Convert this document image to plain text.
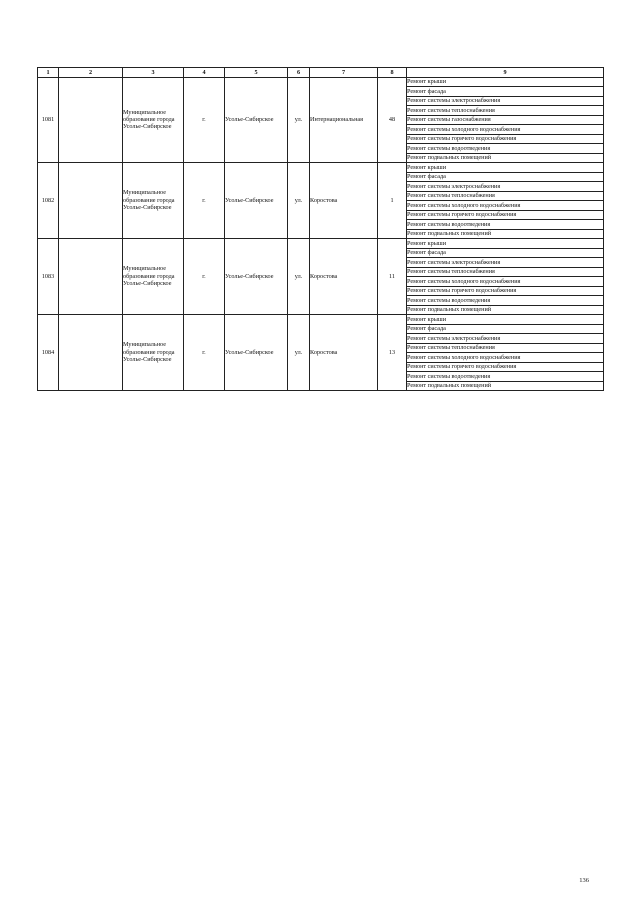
1	2	3	4	5	6	7	8	9
1081		Муниципальное образование города Усолье-Сибирское	г.	Усолье-Сибирское	ул.	Интернациональная	48	Ремонт крыши
								Ремонт фасада
								Ремонт системы электроснабжения
								Ремонт системы теплоснабжения
								Ремонт системы газоснабжения
								Ремонт системы холодного водоснабжения
								Ремонт системы горячего водоснабжения
								Ремонт системы водоотведения
								Ремонт подвальных помещений
1082		Муниципальное образование города Усолье-Сибирское	г.	Усолье-Сибирское	ул.	Коростова	1	Ремонт крыши
								Ремонт фасада
								Ремонт системы электроснабжения
								Ремонт системы теплоснабжения
								Ремонт системы холодного водоснабжения
								Ремонт системы горячего водоснабжения
								Ремонт системы водоотведения
								Ремонт подвальных помещений
1083		Муниципальное образование города Усолье-Сибирское	г.	Усолье-Сибирское	ул.	Коростова	11	Ремонт крыши
								Ремонт фасада
								Ремонт системы электроснабжения
								Ремонт системы теплоснабжения
								Ремонт системы холодного водоснабжения
								Ремонт системы горячего водоснабжения
								Ремонт системы водоотведения
								Ремонт подвальных помещений
1084		Муниципальное образование города Усолье-Сибирское	г.	Усолье-Сибирское	ул.	Коростова	13	Ремонт крыши
								Ремонт фасада
								Ремонт системы электроснабжения
								Ремонт системы теплоснабжения
								Ремонт системы холодного водоснабжения
								Ремонт системы горячего водоснабжения
								Ремонт системы водоотведения
								Ремонт подвальных помещений
136
